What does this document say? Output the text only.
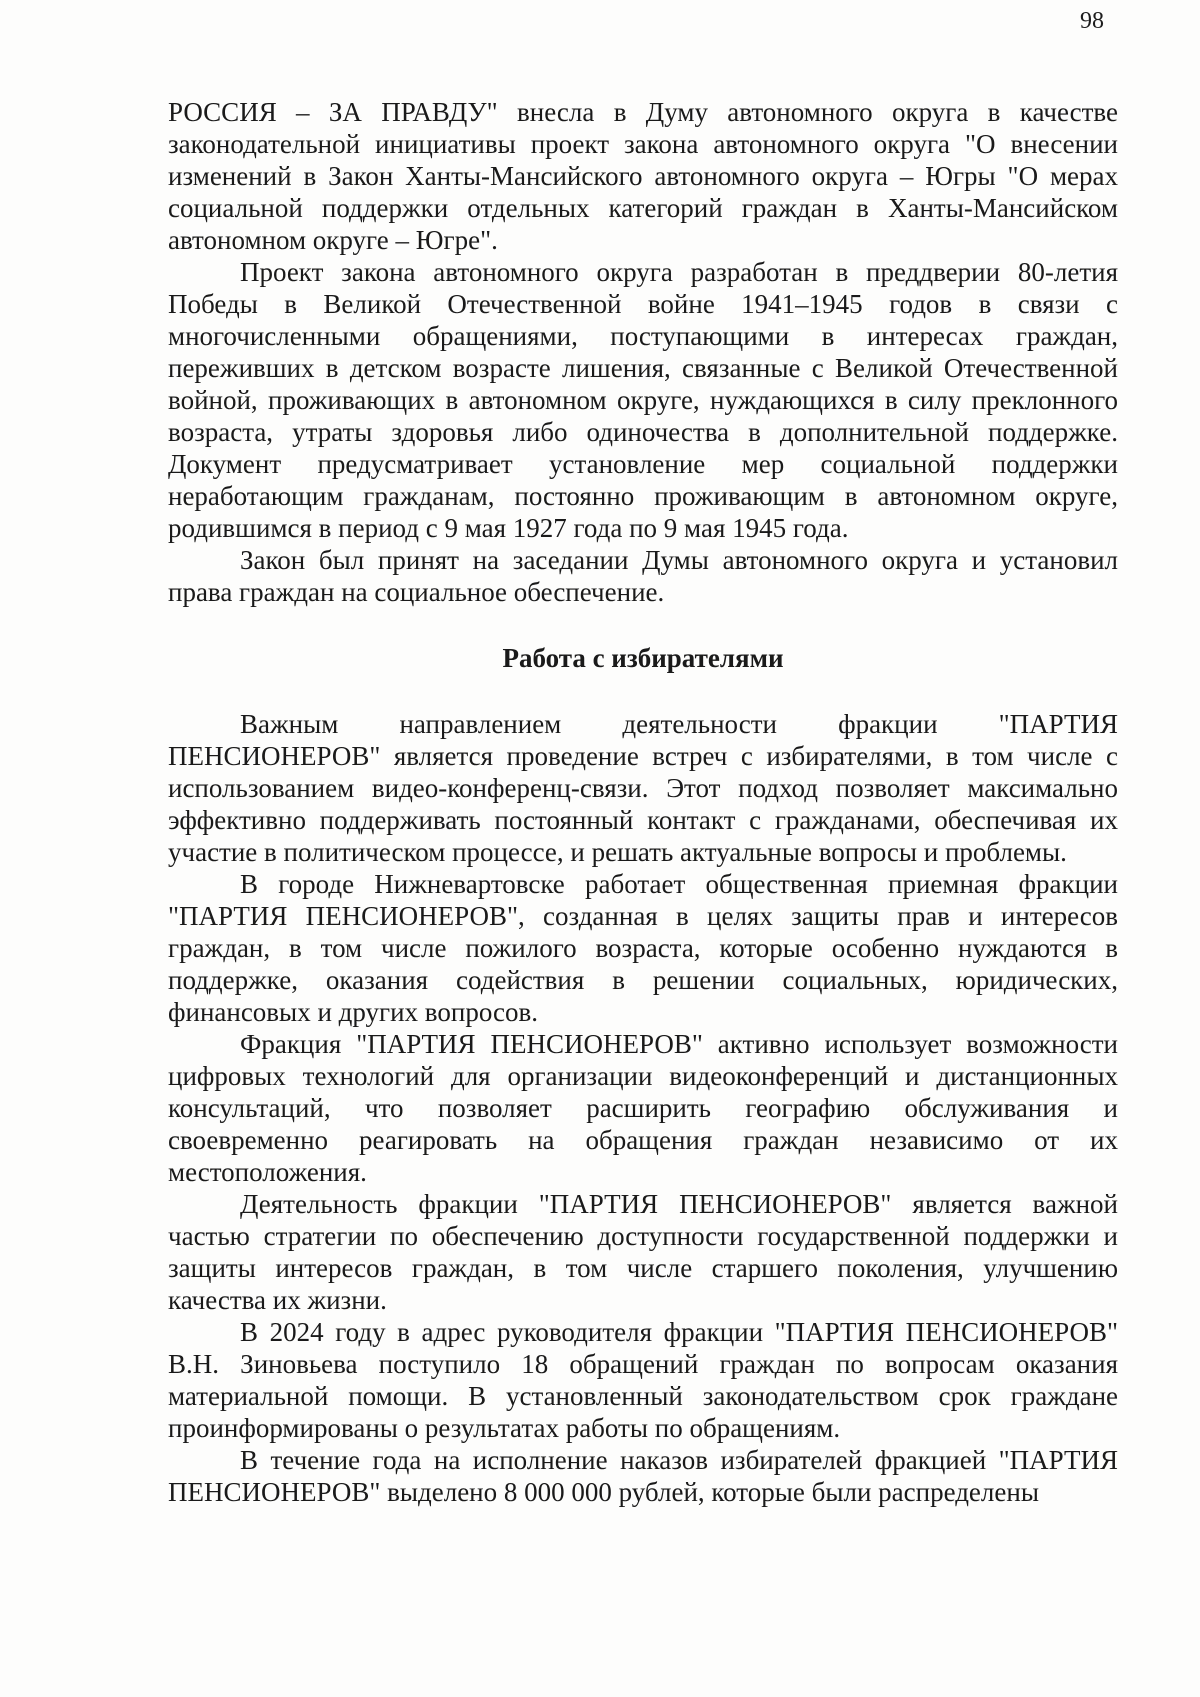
98

РОССИЯ – ЗА ПРАВДУ" внесла в Думу автономного округа в качестве законодательной инициативы проект закона автономного округа "О внесении изменений в Закон Ханты-Мансийского автономного округа – Югры "О мерах социальной поддержки отдельных категорий граждан в Ханты-Мансийском автономном округе – Югре".

Проект закона автономного округа разработан в преддверии 80-летия Победы в Великой Отечественной войне 1941–1945 годов в связи с многочисленными обращениями, поступающими в интересах граждан, переживших в детском возрасте лишения, связанные с Великой Отечественной войной, проживающих в автономном округе, нуждающихся в силу преклонного возраста, утраты здоровья либо одиночества в дополнительной поддержке. Документ предусматривает установление мер социальной поддержки неработающим гражданам, постоянно проживающим в автономном округе, родившимся в период с 9 мая 1927 года по 9 мая 1945 года.

Закон был принят на заседании Думы автономного округа и установил права граждан на социальное обеспечение.

Работа с избирателями

Важным направлением деятельности фракции "ПАРТИЯ ПЕНСИОНЕРОВ" является проведение встреч с избирателями, в том числе с использованием видео-конференц-связи. Этот подход позволяет максимально эффективно поддерживать постоянный контакт с гражданами, обеспечивая их участие в политическом процессе, и решать актуальные вопросы и проблемы.

В городе Нижневартовске работает общественная приемная фракции "ПАРТИЯ ПЕНСИОНЕРОВ", созданная в целях защиты прав и интересов граждан, в том числе пожилого возраста, которые особенно нуждаются в поддержке, оказания содействия в решении социальных, юридических, финансовых и других вопросов.

Фракция "ПАРТИЯ ПЕНСИОНЕРОВ" активно использует возможности цифровых технологий для организации видеоконференций и дистанционных консультаций, что позволяет расширить географию обслуживания и своевременно реагировать на обращения граждан независимо от их местоположения.

Деятельность фракции "ПАРТИЯ ПЕНСИОНЕРОВ" является важной частью стратегии по обеспечению доступности государственной поддержки и защиты интересов граждан, в том числе старшего поколения, улучшению качества их жизни.

В 2024 году в адрес руководителя фракции "ПАРТИЯ ПЕНСИОНЕРОВ" В.Н. Зиновьева поступило 18 обращений граждан по вопросам оказания материальной помощи. В установленный законодательством срок граждане проинформированы о результатах работы по обращениям.

В течение года на исполнение наказов избирателей фракцией "ПАРТИЯ ПЕНСИОНЕРОВ" выделено 8 000 000 рублей, которые были распределены
